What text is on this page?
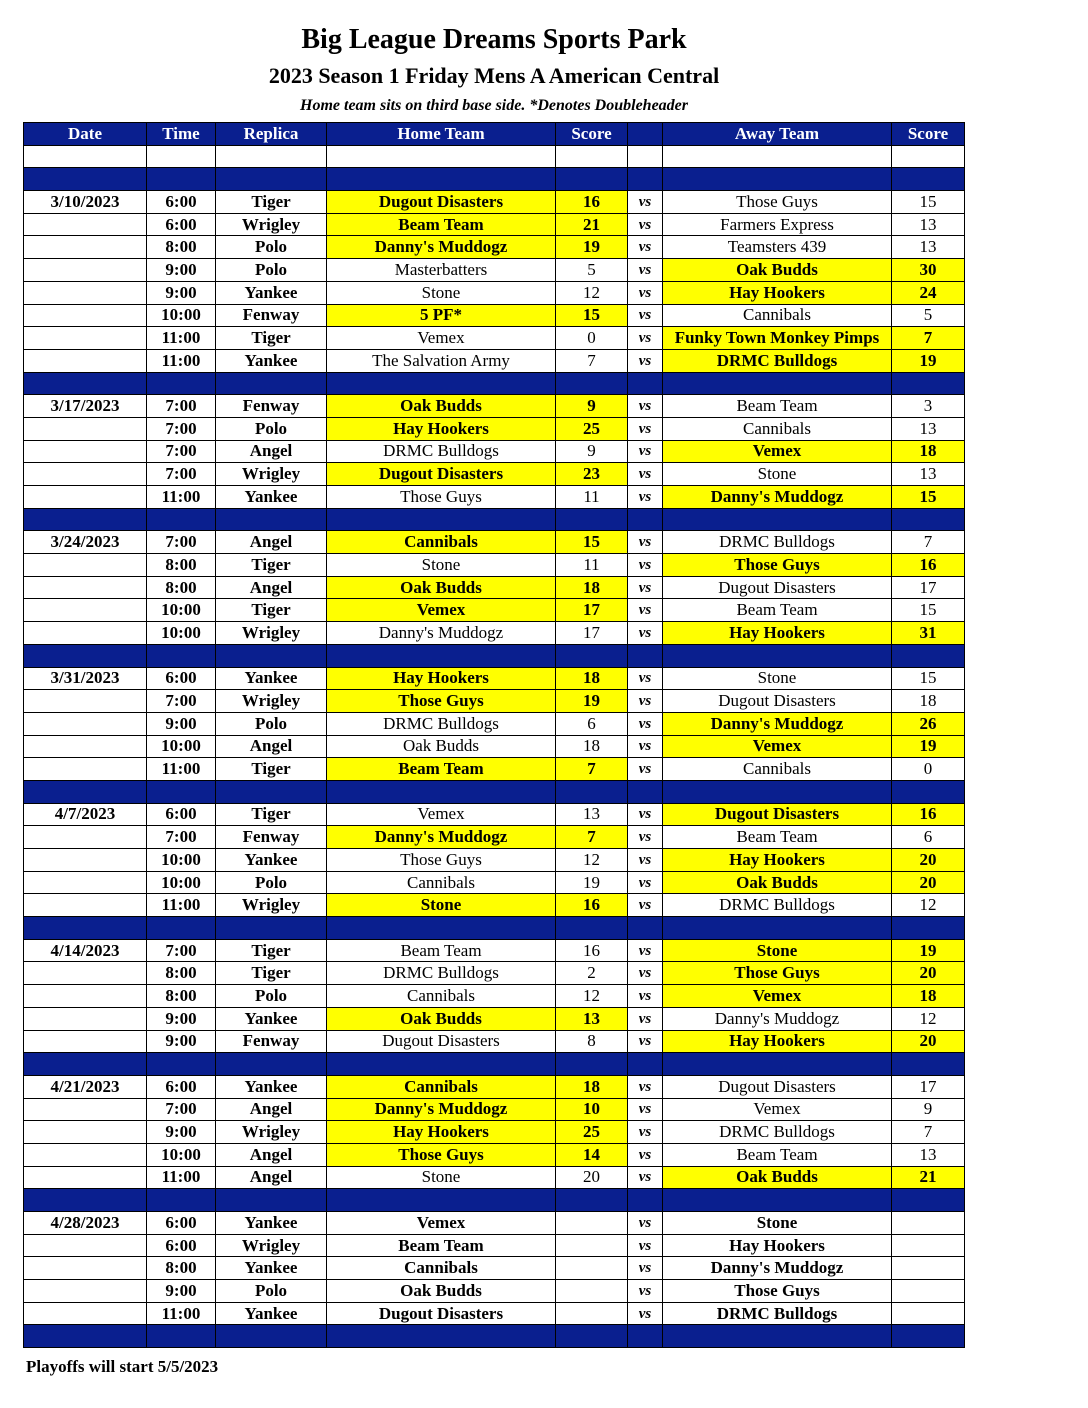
Big League Dreams Sports Park
2023 Season 1 Friday Mens A American Central
Home team sits on third base side. *Denotes Doubleheader
Date	Time	Replica	Home Team	Score		Away Team	Score

3/10/2023	6:00	Tiger	Dugout Disasters	16	vs	Those Guys	15
	6:00	Wrigley	Beam Team	21	vs	Farmers Express	13
	8:00	Polo	Danny's Muddogz	19	vs	Teamsters 439	13
	9:00	Polo	Masterbatters	5	vs	Oak Budds	30
	9:00	Yankee	Stone	12	vs	Hay Hookers	24
	10:00	Fenway	5 PF*	15	vs	Cannibals	5
	11:00	Tiger	Vemex	0	vs	Funky Town Monkey Pimps	7
	11:00	Yankee	The Salvation Army	7	vs	DRMC Bulldogs	19

3/17/2023	7:00	Fenway	Oak Budds	9	vs	Beam Team	3
	7:00	Polo	Hay Hookers	25	vs	Cannibals	13
	7:00	Angel	DRMC Bulldogs	9	vs	Vemex	18
	7:00	Wrigley	Dugout Disasters	23	vs	Stone	13
	11:00	Yankee	Those Guys	11	vs	Danny's Muddogz	15

3/24/2023	7:00	Angel	Cannibals	15	vs	DRMC Bulldogs	7
	8:00	Tiger	Stone	11	vs	Those Guys	16
	8:00	Angel	Oak Budds	18	vs	Dugout Disasters	17
	10:00	Tiger	Vemex	17	vs	Beam Team	15
	10:00	Wrigley	Danny's Muddogz	17	vs	Hay Hookers	31

3/31/2023	6:00	Yankee	Hay Hookers	18	vs	Stone	15
	7:00	Wrigley	Those Guys	19	vs	Dugout Disasters	18
	9:00	Polo	DRMC Bulldogs	6	vs	Danny's Muddogz	26
	10:00	Angel	Oak Budds	18	vs	Vemex	19
	11:00	Tiger	Beam Team	7	vs	Cannibals	0

4/7/2023	6:00	Tiger	Vemex	13	vs	Dugout Disasters	16
	7:00	Fenway	Danny's Muddogz	7	vs	Beam Team	6
	10:00	Yankee	Those Guys	12	vs	Hay Hookers	20
	10:00	Polo	Cannibals	19	vs	Oak Budds	20
	11:00	Wrigley	Stone	16	vs	DRMC Bulldogs	12

4/14/2023	7:00	Tiger	Beam Team	16	vs	Stone	19
	8:00	Tiger	DRMC Bulldogs	2	vs	Those Guys	20
	8:00	Polo	Cannibals	12	vs	Vemex	18
	9:00	Yankee	Oak Budds	13	vs	Danny's Muddogz	12
	9:00	Fenway	Dugout Disasters	8	vs	Hay Hookers	20

4/21/2023	6:00	Yankee	Cannibals	18	vs	Dugout Disasters	17
	7:00	Angel	Danny's Muddogz	10	vs	Vemex	9
	9:00	Wrigley	Hay Hookers	25	vs	DRMC Bulldogs	7
	10:00	Angel	Those Guys	14	vs	Beam Team	13
	11:00	Angel	Stone	20	vs	Oak Budds	21

4/28/2023	6:00	Yankee	Vemex		vs	Stone	
	6:00	Wrigley	Beam Team		vs	Hay Hookers	
	8:00	Yankee	Cannibals		vs	Danny's Muddogz	
	9:00	Polo	Oak Budds		vs	Those Guys	
	11:00	Yankee	Dugout Disasters		vs	DRMC Bulldogs	

Playoffs will start 5/5/2023
